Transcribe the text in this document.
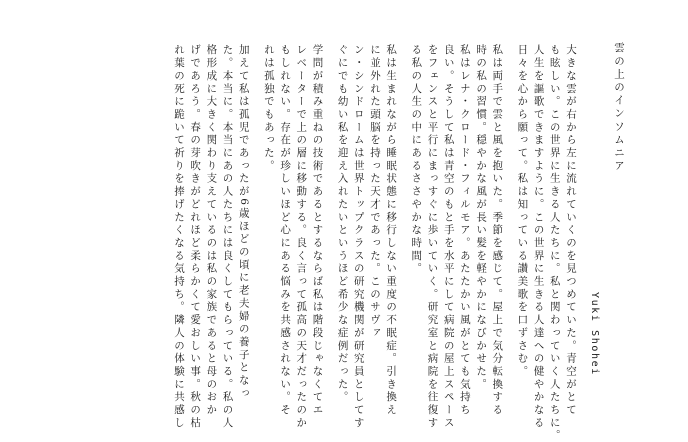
雲の上のインソムニア
Yuki Shohei
大きな雲が右から左に流れていくのを見つめていた。青空がとて
も眩しい。この世界に生きる人たちに。私と関わっていく人たちに。
人生を謳歌できますように。この世界に生きる人達への健やかなる
日々を心から願って。私は知っている讃美歌を口ずさむ。
私は両手で雲と風を抱いた。季節を感じて。屋上で気分転換する
時の私の習慣。穏やかな風が長い髪を軽やかになびかせた。
私はレナ・クロード・フィルモア。あたたかい風がとても気持ち
良い。そうして私は青空のもと手を水平にして病院の屋上スペース
をフェンスと平行にまっすぐに歩いていく。研究室と病院を往復す
る私の人生の中にあるささやかな時間。
私は生まれながら睡眠状態に移行しない重度の不眠症。引き換え
に並外れた頭脳を持った天才であった。このサヴァ
ン・シンドロームは世界トップクラスの研究機関が研究員としてす
ぐにでも幼い私を迎え入れたいというほど希少な症例だった。
学問が積み重ねの技術であるとするならば私は階段じゃなくてエ
レベーターで上の層に移動する。良く言って孤高の天才だったのか
もしれない。存在が珍しいほど心にある悩みを共感されない。そ
れは孤独でもあった。
加えて私は孤児であったが6歳ほどの頃に老夫婦の養子となっ
た。本当に。本当にあの人たちには良くしてもらっている。私の人
格形成に大きく関わり支えているのは私の家族であると母のおか
げであろう。春の芽吹きがどれほど柔らかくて愛おしい事。秋の枯
れ葉の死に跪いて祈りを捧げたくなる気持ち。隣人の体験に共感し
